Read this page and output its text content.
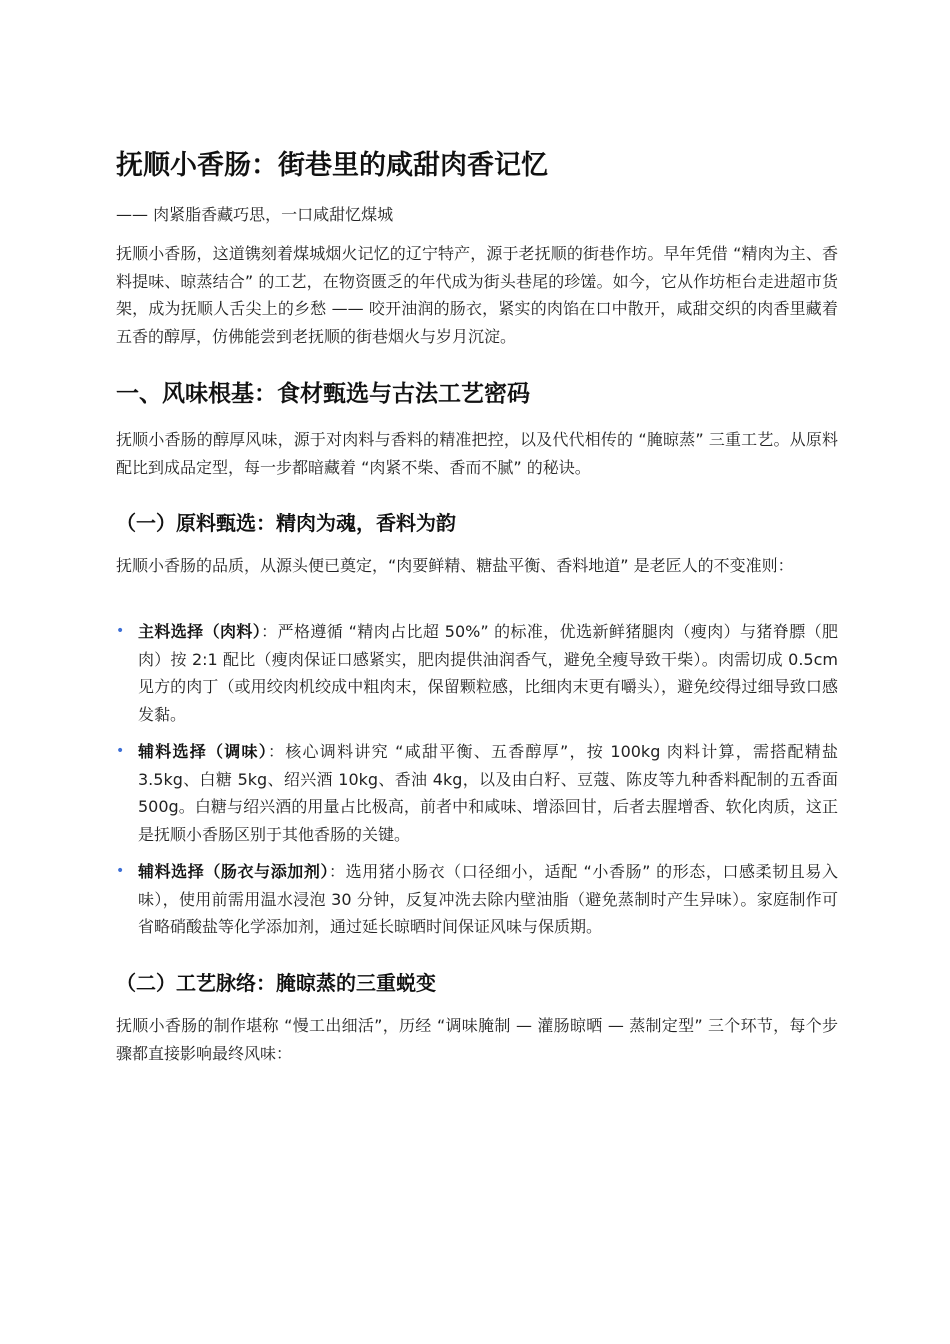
抚顺小香肠：街巷里的咸甜肉香记忆

—— 肉紧脂香藏巧思，一口咸甜忆煤城

抚顺小香肠，这道镌刻着煤城烟火记忆的辽宁特产，源于老抚顺的街巷作坊。早年凭借 “精肉为主、香料提味、晾蒸结合” 的工艺，在物资匮乏的年代成为街头巷尾的珍馐。如今，它从作坊柜台走进超市货架，成为抚顺人舌尖上的乡愁 —— 咬开油润的肠衣，紧实的肉馅在口中散开，咸甜交织的肉香里藏着五香的醇厚，仿佛能尝到老抚顺的街巷烟火与岁月沉淀。

一、风味根基：食材甄选与古法工艺密码

抚顺小香肠的醇厚风味，源于对肉料与香料的精准把控，以及代代相传的 “腌晾蒸” 三重工艺。从原料配比到成品定型，每一步都暗藏着 “肉紧不柴、香而不腻” 的秘诀。

（一）原料甄选：精肉为魂，香料为韵

抚顺小香肠的品质，从源头便已奠定，“肉要鲜精、糖盐平衡、香料地道” 是老匠人的不变准则：

• 主料选择（肉料）：严格遵循 “精肉占比超 50%” 的标准，优选新鲜猪腿肉（瘦肉）与猪脊膘（肥肉）按 2:1 配比（瘦肉保证口感紧实，肥肉提供油润香气，避免全瘦导致干柴）。肉需切成 0.5cm 见方的肉丁（或用绞肉机绞成中粗肉末，保留颗粒感，比细肉末更有嚼头），避免绞得过细导致口感发黏。
• 辅料选择（调味）：核心调料讲究 “咸甜平衡、五香醇厚”，按 100kg 肉料计算，需搭配精盐 3.5kg、白糖 5kg、绍兴酒 10kg、香油 4kg，以及由白籽、豆蔻、陈皮等九种香料配制的五香面 500g。白糖与绍兴酒的用量占比极高，前者中和咸味、增添回甘，后者去腥增香、软化肉质，这正是抚顺小香肠区别于其他香肠的关键。
• 辅料选择（肠衣与添加剂）：选用猪小肠衣（口径细小，适配 “小香肠” 的形态，口感柔韧且易入味），使用前需用温水浸泡 30 分钟，反复冲洗去除内壁油脂（避免蒸制时产生异味）。家庭制作可省略硝酸盐等化学添加剂，通过延长晾晒时间保证风味与保质期。
（二）工艺脉络：腌晾蒸的三重蜕变

抚顺小香肠的制作堪称 “慢工出细活”，历经 “调味腌制 — 灌肠晾晒 — 蒸制定型” 三个环节，每个步骤都直接影响最终风味：
